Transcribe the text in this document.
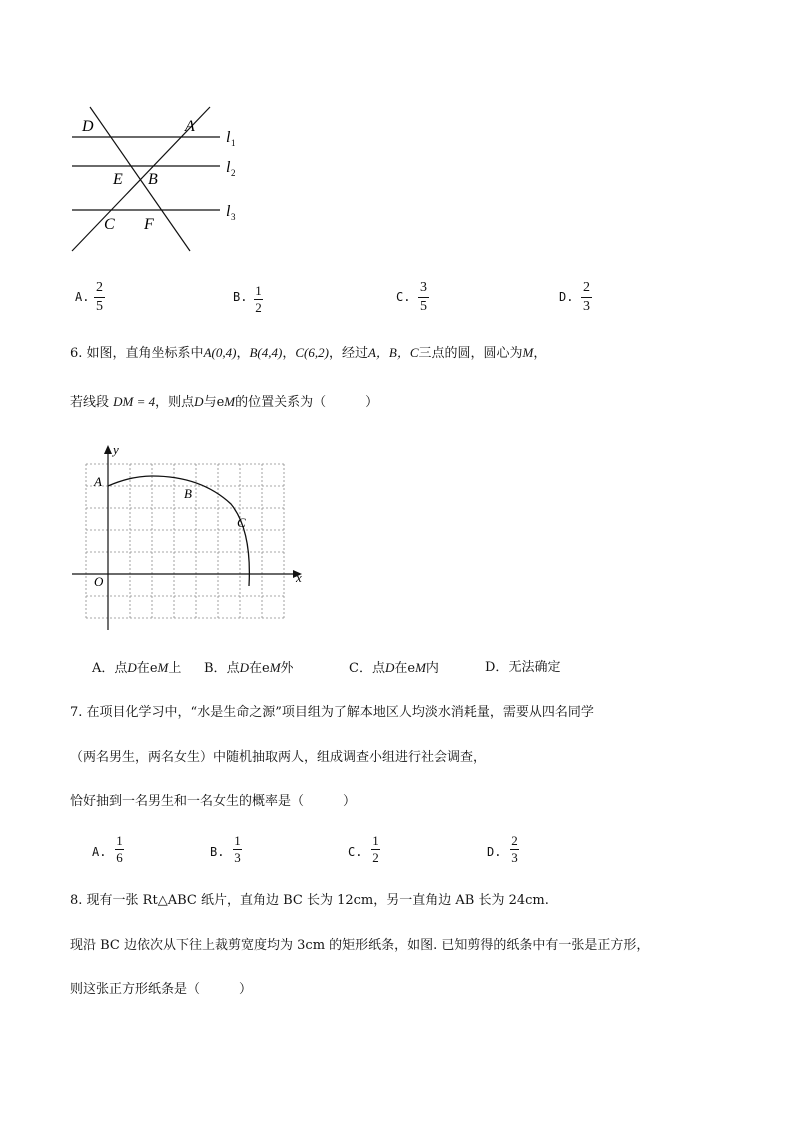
D	A
E B
C F
l 1
l 2
l 3
A.
2
5
B. 1
2
C.
3
5
D.
2
3
6. 如图，直角坐标系中A(0,4)，B(4,4)，C(6,2)，经过A，B，C三点的圆，圆心为M，
若线段 DM = 4，则点D与eM的位置关系为（　　　）
y
x
O
A
B
C
A．点D在eM上 B．点D在eM外	C．点D在eM内	D．无法确定
7. 在项目化学习中，“水是生命之源”项目组为了解本地区人均淡水消耗量，需要从四名同学
（两名男生，两名女生）中随机抽取两人，组成调查小组进行社会调查，
恰好抽到一名男生和一名女生的概率是（　　　）
A.
1
6	B.
1
3	C.
1
2	D.
2
3
8. 现有一张 Rt△ABC 纸片，直角边 BC 长为 12cm，另一直角边 AB 长为 24cm.
现沿 BC 边依次从下往上裁剪宽度均为 3cm 的矩形纸条，如图. 已知剪得的纸条中有一张是正方形，
则这张正方形纸条是（　　　）
